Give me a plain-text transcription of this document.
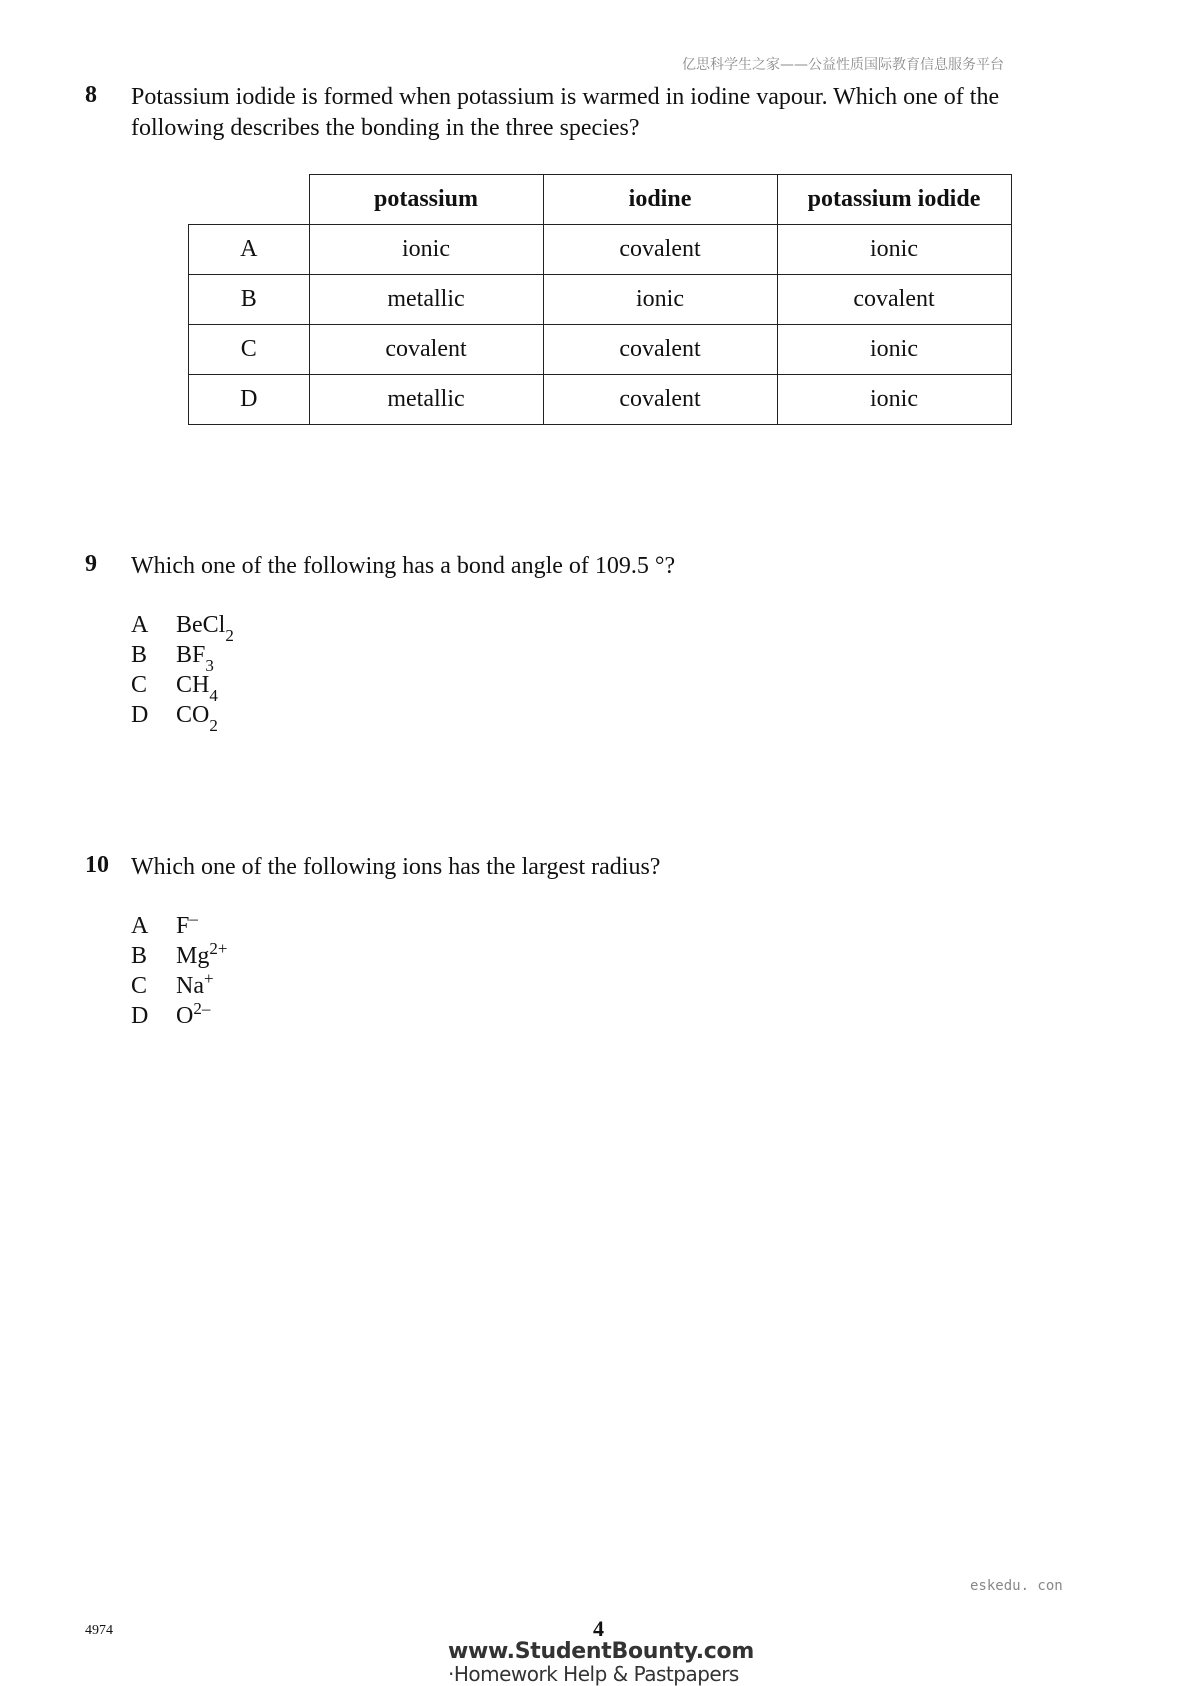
亿思科学生之家——公益性质国际教育信息服务平台
8 Potassium iodide is formed when potassium is warmed in iodine vapour. Which one of the
following describes the bonding in the three species?
	potassium	iodine	potassium iodide
A	ionic	covalent	ionic
B	metallic	ionic	covalent
C	covalent	covalent	ionic
D	metallic	covalent	ionic
9 Which one of the following has a bond angle of 109.5 °?
A BeCl$_2$
B $BF_3$
C $CH_4$
D $CO_2$
10 Which one of the following ions has the largest radius?
A F–
B $Mg^{2+}$
C Na+
D $O^{2-}$
eskedu. con
4974	4
www.StudentBounty.com
·Homework Help & Pastpapers
